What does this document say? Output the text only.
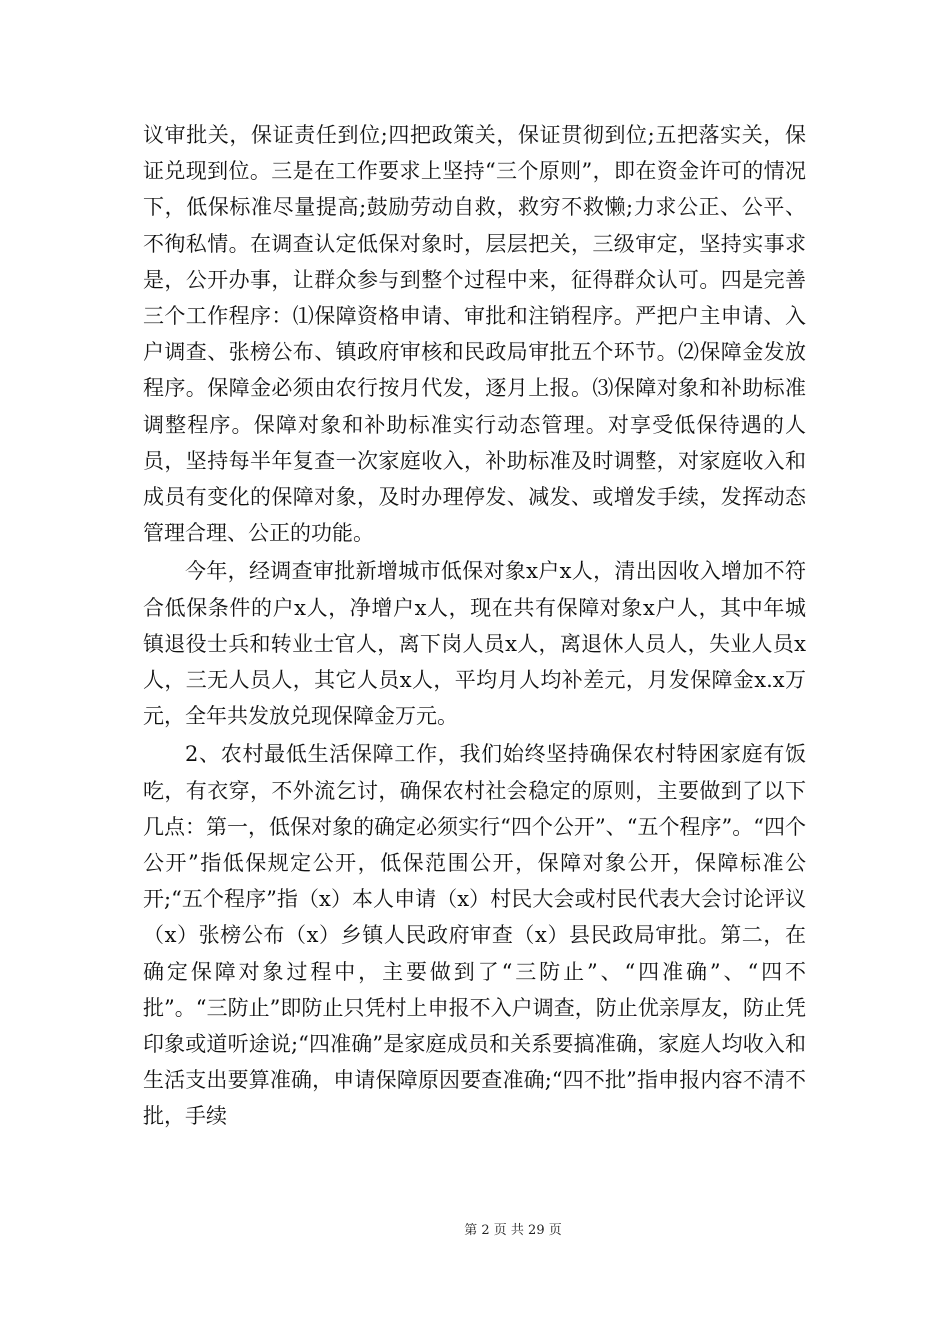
议审批关，保证责任到位;四把政策关，保证贯彻到位;五把落实关，保证兑现到位。三是在工作要求上坚持“三个原则”，即在资金许可的情况下，低保标准尽量提高;鼓励劳动自救，救穷不救懒;力求公正、公平、不徇私情。在调查认定低保对象时，层层把关，三级审定，坚持实事求是，公开办事，让群众参与到整个过程中来，征得群众认可。四是完善三个工作程序：⑴保障资格申请、审批和注销程序。严把户主申请、入户调查、张榜公布、镇政府审核和民政局审批五个环节。⑵保障金发放程序。保障金必须由农行按月代发，逐月上报。⑶保障对象和补助标准调整程序。保障对象和补助标准实行动态管理。对享受低保待遇的人员，坚持每半年复查一次家庭收入，补助标准及时调整，对家庭收入和成员有变化的保障对象，及时办理停发、减发、或增发手续，发挥动态管理合理、公正的功能。

今年，经调查审批新增城市低保对象x户x人，清出因收入增加不符合低保条件的户x人，净增户x人，现在共有保障对象x户人，其中年城镇退役士兵和转业士官人，离下岗人员x人，离退休人员人，失业人员x人，三无人员人，其它人员x人，平均月人均补差元，月发保障金x.x万元，全年共发放兑现保障金万元。

2、农村最低生活保障工作，我们始终坚持确保农村特困家庭有饭吃，有衣穿，不外流乞讨，确保农村社会稳定的原则，主要做到了以下几点：第一，低保对象的确定必须实行“四个公开”、“五个程序”。“四个公开”指低保规定公开，低保范围公开，保障对象公开，保障标准公开;“五个程序”指（x）本人申请（x）村民大会或村民代表大会讨论评议（x）张榜公布（x）乡镇人民政府审查（x）县民政局审批。第二，在确定保障对象过程中，主要做到了“三防止”、“四准确”、“四不批”。“三防止”即防止只凭村上申报不入户调查，防止优亲厚友，防止凭印象或道听途说;“四准确”是家庭成员和关系要搞准确，家庭人均收入和生活支出要算准确，申请保障原因要查准确;“四不批”指申报内容不清不批，手续

第 2 页 共 29 页
